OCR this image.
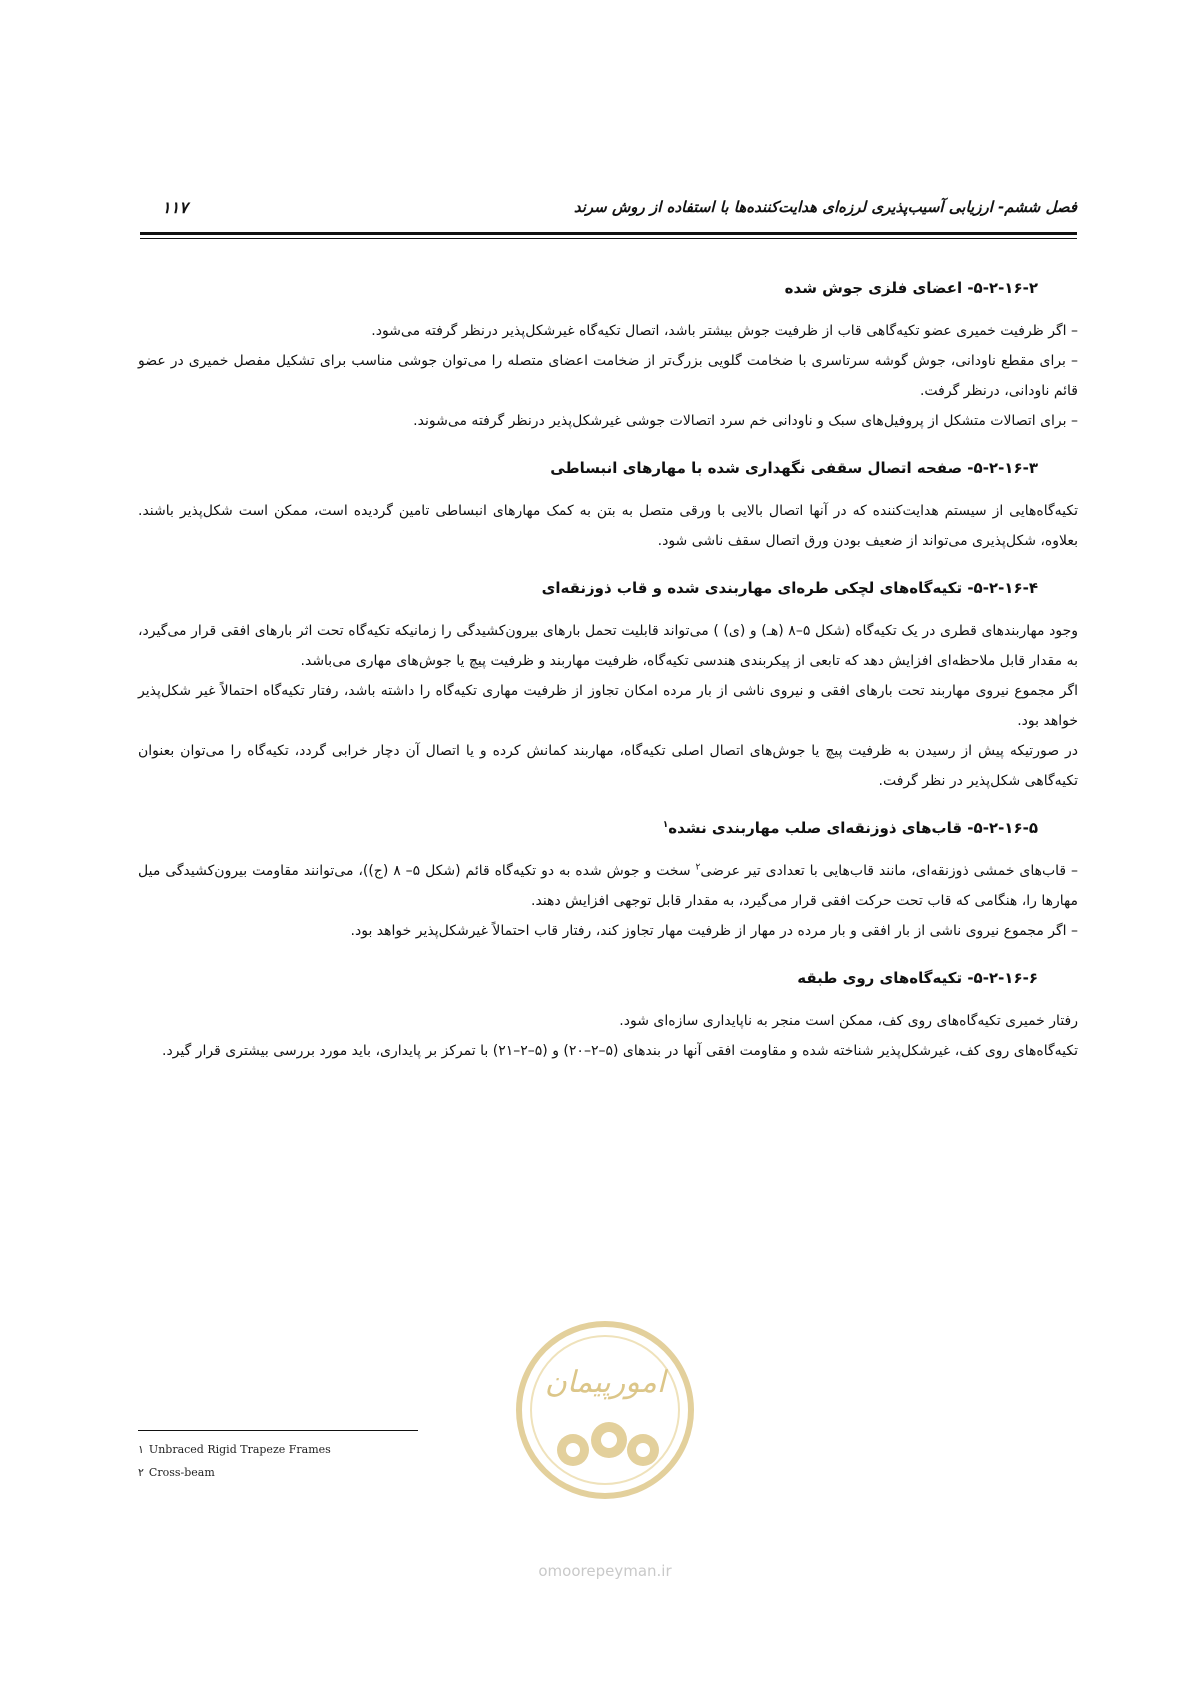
۱۱۷	فصل ششم- ارزیابی آسیب‌پذیری لرزه‌ای هدایت‌کننده‌ها با استفاده از روش سرند
۵-۲-۱۶-۲- اعضای فلزی جوش شده

– اگر ظرفیت خمیری عضو تکیه‌گاهی قاب از ظرفیت جوش بیشتر باشد، اتصال تکیه‌گاه غیرشکل‌پذیر درنظر گرفته می‌شود.

– برای مقطع ناودانی، جوش گوشه سرتاسری با ضخامت گلویی بزرگ‌تر از ضخامت اعضای متصله را می‌توان جوشی مناسب برای تشکیل مفصل خمیری در عضو قائم ناودانی، درنظر گرفت.

– برای اتصالات متشکل از پروفیل‌های سبک و ناودانی خم سرد اتصالات جوشی غیرشکل‌پذیر درنظر گرفته می‌شوند.

۵-۲-۱۶-۳- صفحه اتصال سقفی نگهداری شده با مهارهای انبساطی

تکیه‌گاه‌هایی از سیستم هدایت‌کننده که در آنها اتصال بالایی با ورقی متصل به بتن به کمک مهارهای انبساطی تامین گردیده است، ممکن است شکل‌پذیر باشند. بعلاوه، شکل‌پذیری می‌تواند از ضعیف بودن ورق اتصال سقف ناشی شود.

۵-۲-۱۶-۴- تکیه‌گاه‌های لچکی طره‌ای مهاربندی شده و قاب ذوزنقه‌ای

وجود مهاربندهای قطری در یک تکیه‌گاه (شکل ۵–۸ (هـ) و (ی) ) می‌تواند قابلیت تحمل بارهای بیرون‌کشیدگی را زمانیکه تکیه‌گاه تحت اثر بارهای افقی قرار می‌گیرد، به مقدار قابل ملاحظه‌ای افزایش دهد که تابعی از پیکربندی هندسی تکیه‌گاه، ظرفیت مهاربند و ظرفیت پیچ یا جوش‌های مهاری می‌باشد.

اگر مجموع نیروی مهاربند تحت بارهای افقی و نیروی ناشی از بار مرده امکان تجاوز از ظرفیت مهاری تکیه‌گاه را داشته باشد، رفتار تکیه‌گاه احتمالاً غیر شکل‌پذیر خواهد بود.

در صورتیکه پیش از رسیدن به ظرفیت پیچ یا جوش‌های اتصال اصلی تکیه‌گاه، مهاربند کمانش کرده و یا اتصال آن دچار خرابی گردد، تکیه‌گاه را می‌توان بعنوان تکیه‌گاهی شکل‌پذیر در نظر گرفت.

۵-۲-۱۶-۵- قاب‌های ذوزنقه‌ای صلب مهاربندی نشده$^۱$

– قاب‌های خمشی ذوزنقه‌ای، مانند قاب‌هایی با تعدادی تیر عرضی$^۲$ سخت و جوش شده به دو تکیه‌گاه قائم (شکل ۵– ۸ (ج))، می‌توانند مقاومت بیرون‌کشیدگی میل مهارها را، هنگامی که قاب تحت حرکت افقی قرار می‌گیرد، به مقدار قابل توجهی افزایش دهند.

– اگر مجموع نیروی ناشی از بار افقی و بار مرده در مهار از ظرفیت مهار تجاوز کند، رفتار قاب احتمالاً غیرشکل‌پذیر خواهد بود.

۵-۲-۱۶-۶- تکیه‌گاه‌های روی طبقه

رفتار خمیری تکیه‌گاه‌های روی کف، ممکن است منجر به ناپایداری سازه‌ای شود.

تکیه‌گاه‌های روی کف، غیرشکل‌پذیر شناخته شده و مقاومت افقی آنها در بندهای (۵–۲–۲۰) و (۵–۲–۲۱) با تمرکز بر پایداری، باید مورد بررسی بیشتری قرار گیرد.

امورپیمان
omoorepeyman.ir
۱ Unbraced Rigid Trapeze Frames
۲ Cross-beam
